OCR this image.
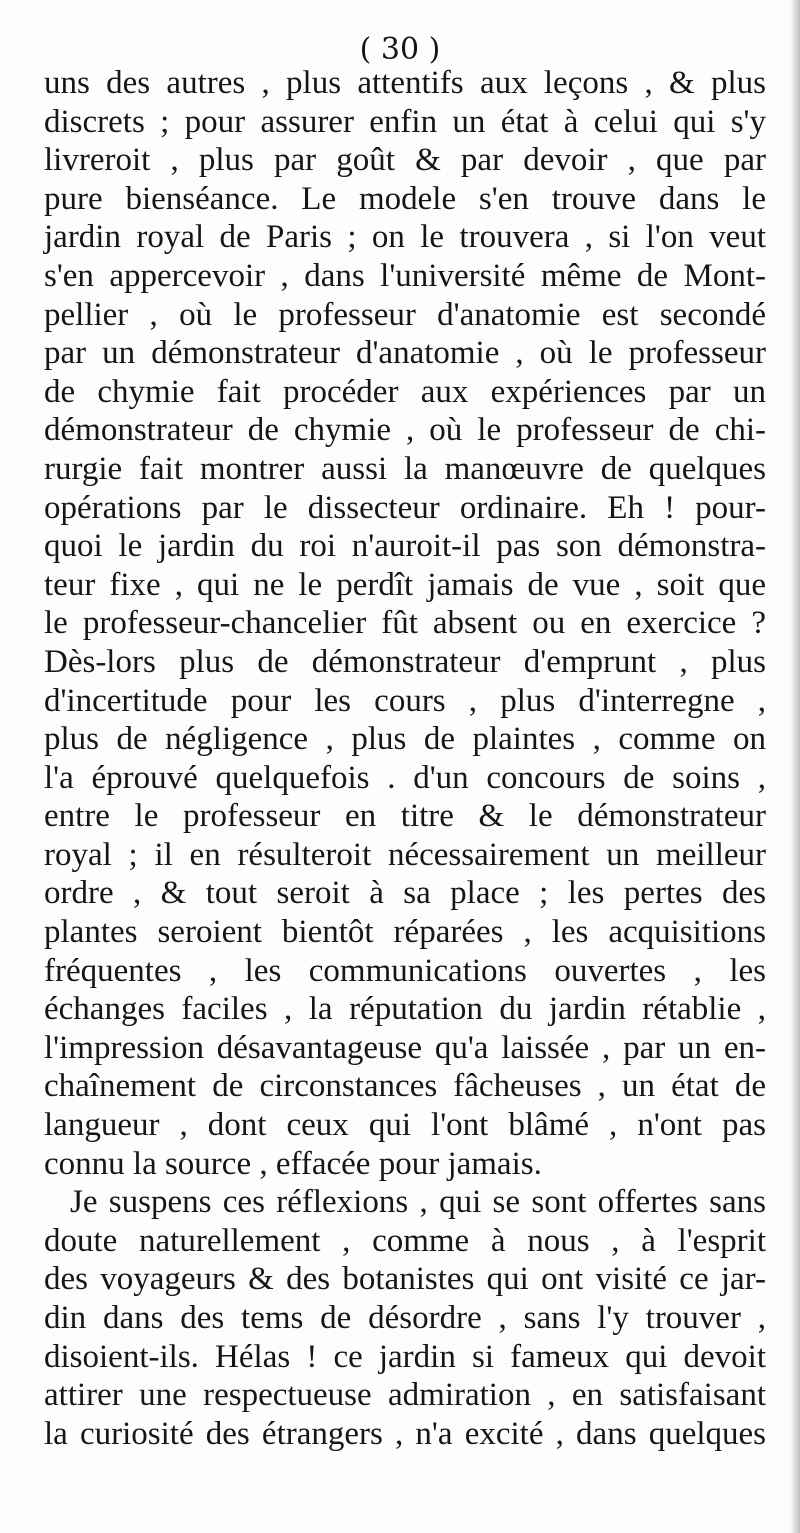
( 30 )
uns des autres , plus attentifs aux leçons , & plus
discrets ; pour assurer enfin un état à celui qui s'y
livreroit , plus par goût & par devoir , que par
pure bienséance. Le modele s'en trouve dans le
jardin royal de Paris ; on le trouvera , si l'on veut
s'en appercevoir , dans l'université même de Mont-
pellier , où le professeur d'anatomie est secondé
par un démonstrateur d'anatomie , où le professeur
de chymie fait procéder aux expériences par un
démonstrateur de chymie , où le professeur de chi-
rurgie fait montrer aussi la manœuvre de quelques
opérations par le dissecteur ordinaire. Eh ! pour-
quoi le jardin du roi n'auroit-il pas son démonstra-
teur fixe , qui ne le perdît jamais de vue , soit que
le professeur-chancelier fût absent ou en exercice ?
Dès-lors plus de démonstrateur d'emprunt , plus
d'incertitude pour les cours , plus d'interregne ,
plus de négligence , plus de plaintes , comme on
l'a éprouvé quelquefois . d'un concours de soins ,
entre le professeur en titre & le démonstrateur
royal ; il en résulteroit nécessairement un meilleur
ordre , & tout seroit à sa place ; les pertes des
plantes seroient bientôt réparées , les acquisitions
fréquentes , les communications ouvertes , les
échanges faciles , la réputation du jardin rétablie ,
l'impression désavantageuse qu'a laissée , par un en-
chaînement de circonstances fâcheuses , un état de
langueur , dont ceux qui l'ont blâmé , n'ont pas
connu la source , effacée pour jamais.
Je suspens ces réflexions , qui se sont offertes sans
doute naturellement , comme à nous , à l'esprit
des voyageurs & des botanistes qui ont visité ce jar-
din dans des tems de désordre , sans l'y trouver ,
disoient-ils. Hélas ! ce jardin si fameux qui devoit
attirer une respectueuse admiration , en satisfaisant
la curiosité des étrangers , n'a excité , dans quelques
